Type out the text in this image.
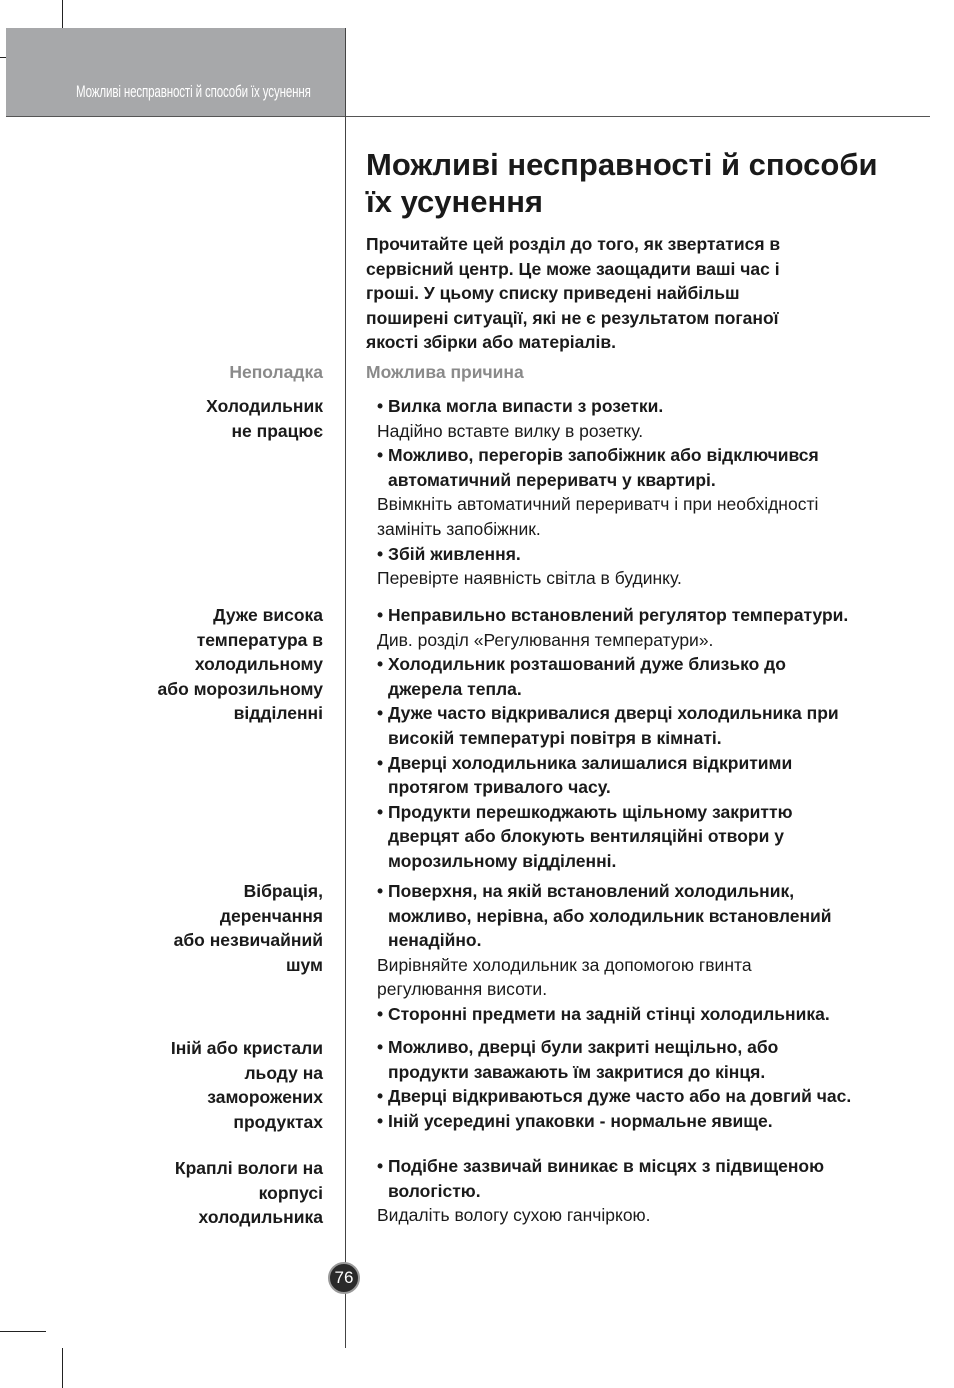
Можливі несправності й способи їх усунення
Можливі несправності й способи
їх усунення
Прочитайте цей розділ до того, як звертатися в
сервісний центр. Це може заощадити ваші час і
гроші. У цьому списку приведені найбільш
поширені ситуації, які не є результатом поганої
якості збірки або матеріалів.
Неполадка Можлива причина
Холодильник
не працює
• Вилка могла випасти з розетки.
Надійно вставте вилку в розетку.
• Можливо, перегорів запобіжник або відключився
автоматичний перериватч у квартирі.
Ввімкніть автоматичний перериватч і при необхідності
замініть запобіжник.
• Збій живлення.
Перевірте наявність світла в будинку.
Дуже висока
температура в
холодильному
або морозильному
відділенні
• Неправильно встановлений регулятор температури.
Див. розділ «Регулювання температури».
• Холодильник розташований дуже близько до
джерела тепла.
• Дуже часто відкривалися дверці холодильника при
високій температурі повітря в кімнаті.
• Дверці холодильника залишалися відкритими
протягом тривалого часу.
• Продукти перешкоджають щільному закриттю
дверцят або блокують вентиляційні отвори у
морозильному відділенні.
Вібрація,
деренчання
або незвичайний
шум
• Поверхня, на якій встановлений холодильник,
можливо, нерівна, або холодильник встановлений
ненадійно.
Вирівняйте холодильник за допомогою гвинта
регулювання висоти.
• Сторонні предмети на задній стінці холодильника.
Іній або кристали
льоду на
заморожених
продуктах
• Можливо, дверці були закриті нещільно, або
продукти заважають їм закритися до кінця.
• Дверці відкриваються дуже часто або на довгий час.
• Іній усередині упаковки - нормальне явище.
Краплі вологи на
корпусі
холодильника
• Подібне зазвичай виникає в місцях з підвищеною
вологістю.
Видаліть вологу сухою ганчіркою.
76
